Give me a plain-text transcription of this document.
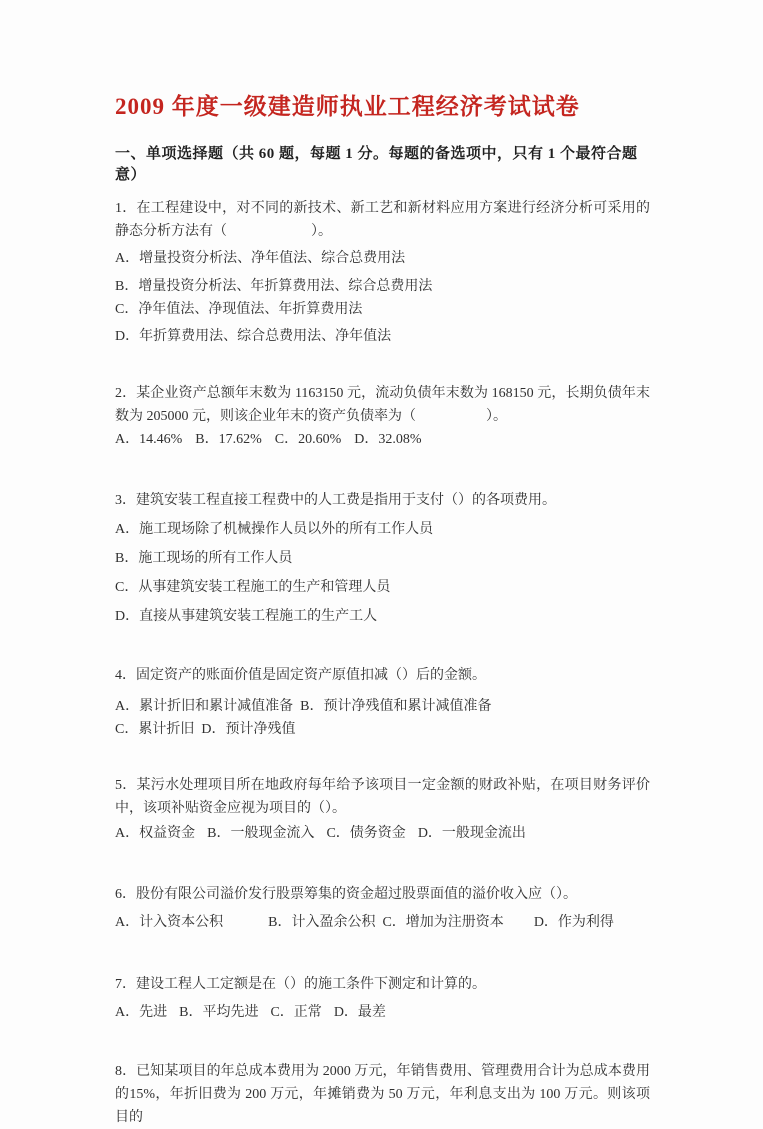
2009 年度一级建造师执业工程经济考试试卷
一、单项选择题（共 60 题，每题 1 分。每题的备选项中，只有 1 个最符合题意）

1．在工程建设中，对不同的新技术、新工艺和新材料应用方案进行经济分析可采用的静态分析方法有（　　　　　　）。

A．增量投资分析法、净年值法、综合总费用法

B．增量投资分析法、年折算费用法、综合总费用法

C．净年值法、净现值法、年折算费用法

D．年折算费用法、综合总费用法、净年值法

2．某企业资产总额年末数为 1163150 元，流动负债年末数为 168150 元，长期负债年末数为 205000 元，则该企业年末的资产负债率为（　　　　　）。

A．14.46% B．17.62% C．20.60% D．32.08%

3．建筑安装工程直接工程费中的人工费是指用于支付（）的各项费用。

A．施工现场除了机械操作人员以外的所有工作人员

B．施工现场的所有工作人员

C．从事建筑安装工程施工的生产和管理人员

D．直接从事建筑安装工程施工的生产工人

4．固定资产的账面价值是固定资产原值扣减（）后的金额。

A．累计折旧和累计减值准备 B．预计净残值和累计减值准备
C．累计折旧 D．预计净残值

5．某污水处理项目所在地政府每年给予该项目一定金额的财政补贴，在项目财务评价中，该项补贴资金应视为项目的（）。

A．权益资金 B．一般现金流入 C．债务资金 D．一般现金流出

6．股份有限公司溢价发行股票筹集的资金超过股票面值的溢价收入应（）。

A．计入资本公积	B．计入盈余公积 C．增加为注册资本 D．作为利得

7．建设工程人工定额是在（）的施工条件下测定和计算的。

A．先进 B．平均先进 C．正常 D．最差

8．已知某项目的年总成本费用为 2000 万元，年销售费用、管理费用合计为总成本费用的15%，年折旧费为 200 万元，年摊销费为 50 万元，年利息支出为 100 万元。则该项目的
